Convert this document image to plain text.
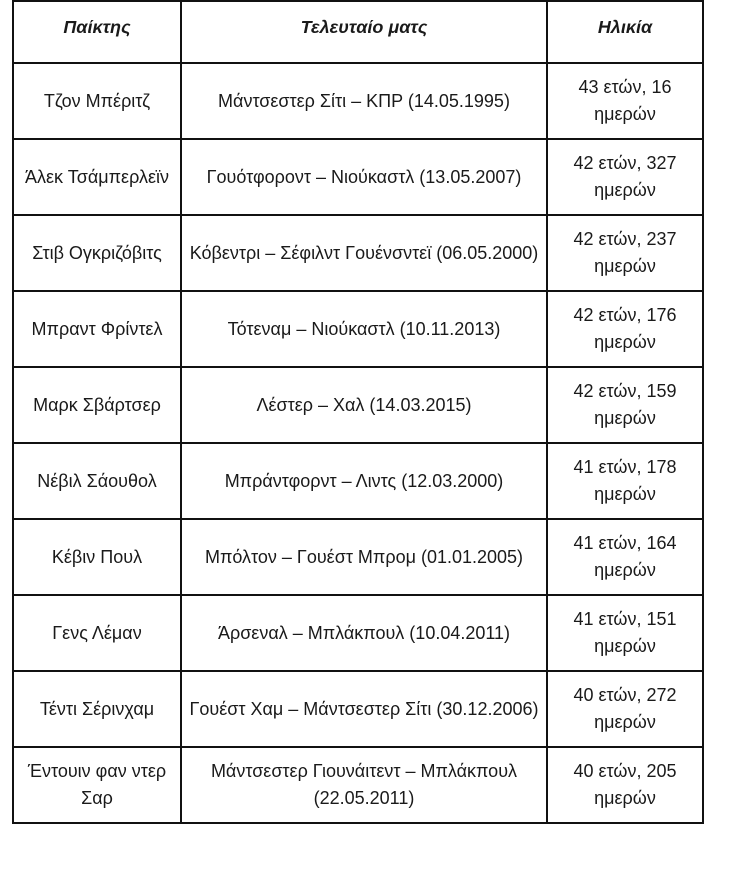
Παίκτης	Τελευταίο ματς	Ηλικία
Τζον Μπέριτζ	Μάντσεστερ Σίτι – ΚΠΡ (14.05.1995)	43 ετών, 16 ημερών
Άλεκ Τσάμπερλεϊν	Γουότφοροντ – Νιούκαστλ (13.05.2007)	42 ετών, 327 ημερών
Στιβ Ογκριζόβιτς	Κόβεντρι – Σέφιλντ Γουένσντεϊ (06.05.2000)	42 ετών, 237 ημερών
Μπραντ Φρίντελ	Τότεναμ – Νιούκαστλ (10.11.2013)	42 ετών, 176 ημερών
Μαρκ Σβάρτσερ	Λέστερ – Χαλ (14.03.2015)	42 ετών, 159 ημερών
Νέβιλ Σάουθολ	Μπράντφορντ – Λιντς (12.03.2000)	41 ετών, 178 ημερών
Κέβιν Πουλ	Μπόλτον – Γουέστ Μπρομ (01.01.2005)	41 ετών, 164 ημερών
Γενς Λέμαν	Άρσεναλ – Μπλάκπουλ (10.04.2011)	41 ετών, 151 ημερών
Τέντι Σέρινχαμ	Γουέστ Χαμ – Μάντσεστερ Σίτι (30.12.2006)	40 ετών, 272 ημερών
Έντουιν φαν ντερ Σαρ	Μάντσεστερ Γιουνάιτεντ – Μπλάκπουλ (22.05.2011)	40 ετών, 205 ημερών
